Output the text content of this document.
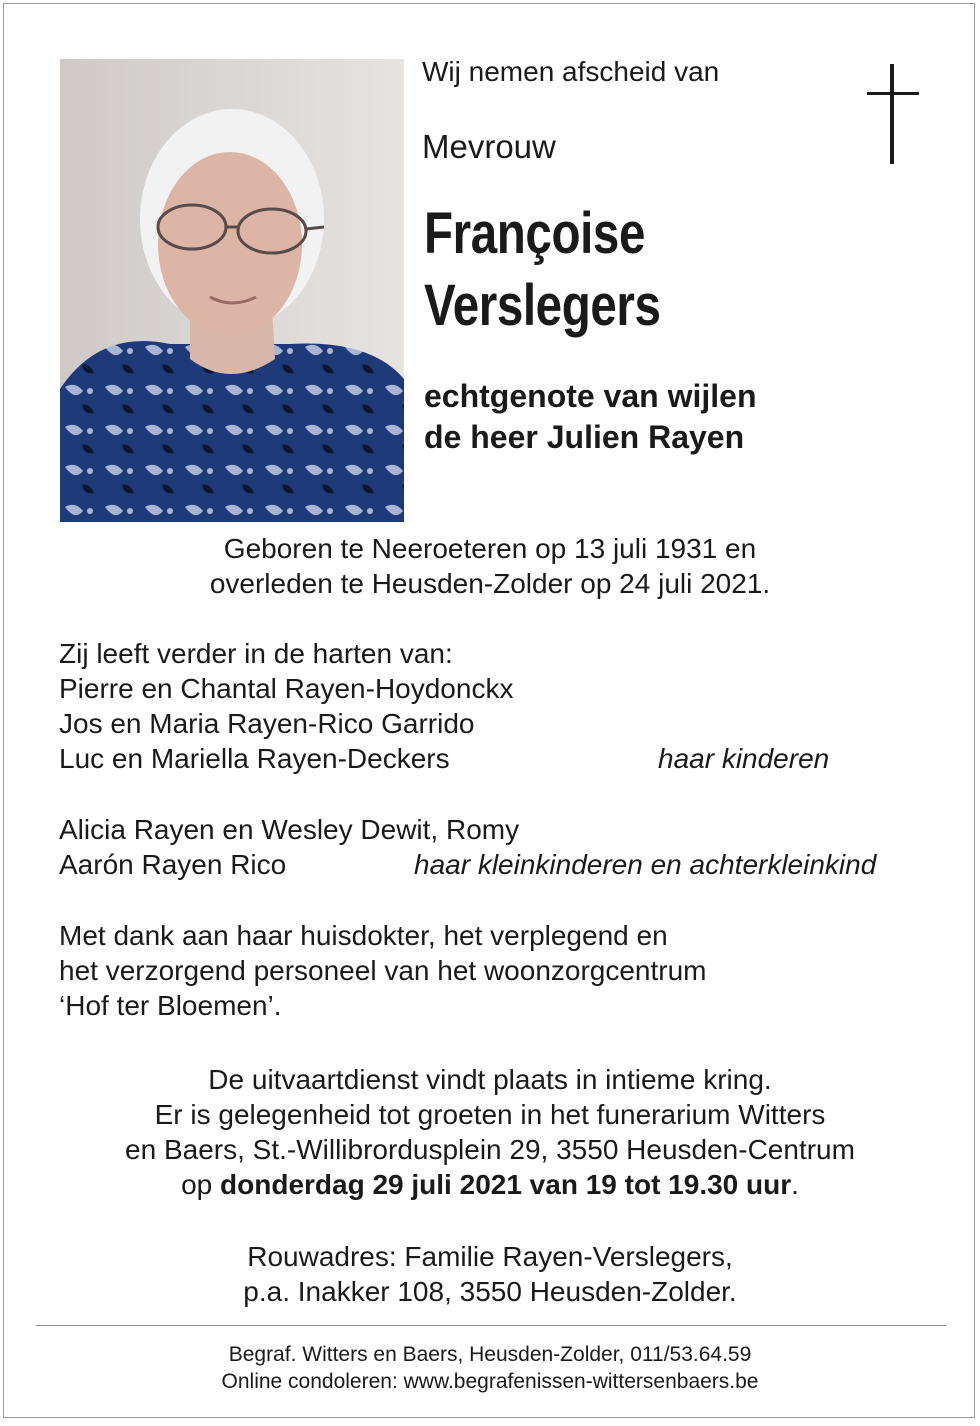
Wij nemen afscheid van
Mevrouw
Françoise
Verslegers
echtgenote van wijlen
de heer Julien Rayen
Geboren te Neeroeteren op 13 juli 1931 en
overleden te Heusden-Zolder op 24 juli 2021.
Zij leeft verder in de harten van:
Pierre en Chantal Rayen-Hoydonckx
Jos en Maria Rayen-Rico Garrido
Luc en Mariella Rayen-Deckers	haar kinderen
Alicia Rayen en Wesley Dewit, Romy
Aarón Rayen Rico	haar kleinkinderen en achterkleinkind
Met dank aan haar huisdokter, het verplegend en
het verzorgend personeel van het woonzorgcentrum
‘Hof ter Bloemen’.
De uitvaartdienst vindt plaats in intieme kring.
Er is gelegenheid tot groeten in het funerarium Witters
en Baers, St.-Willibrordusplein 29, 3550 Heusden-Centrum
op donderdag 29 juli 2021 van 19 tot 19.30 uur.
Rouwadres: Familie Rayen-Verslegers,
p.a. Inakker 108, 3550 Heusden-Zolder.
Begraf. Witters en Baers, Heusden-Zolder, 011/53.64.59
Online condoleren: www.begrafenissen-wittersenbaers.be
